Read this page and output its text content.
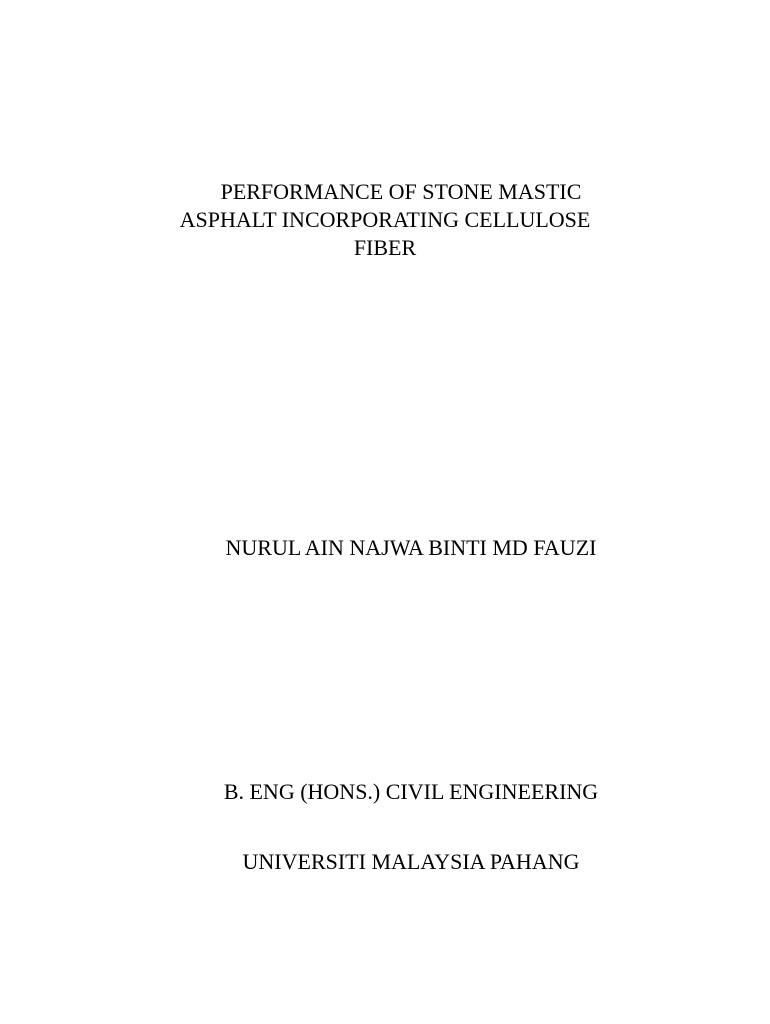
PERFORMANCE OF STONE MASTIC
ASPHALT INCORPORATING CELLULOSE
FIBER
NURUL AIN NAJWA BINTI MD FAUZI
B. ENG (HONS.) CIVIL ENGINEERING
UNIVERSITI MALAYSIA PAHANG
